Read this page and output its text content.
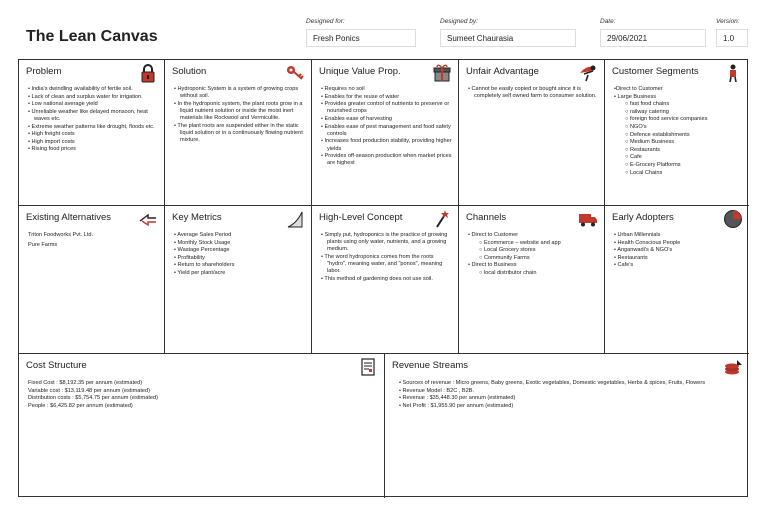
The Lean Canvas
Designed for:
Fresh Ponics
Designed by:
Sumeet Chaurasia
Date:
29/06/2021
Version:
1.0
Problem
• India's dwindling availability of fertile soil.
• Lack of clean and surplus water for irrigation.
• Low national average yield
• Unreliable weather like delayed monsoon, heat waves etc.
• Extreme weather patterns like drought, floods etc.
• High freight costs
• High import costs
• Rising food prices
Existing Alternatives
Triton Foodworks Pvt. Ltd.
Pure Farms
Solution
• Hydroponic System is a system of growing crops without soil.
• In the hydroponic system, the plant roots grow in a liquid nutrient solution or inside the moist inert materials like Rockwool and Vermiculite.
• The plant roots are suspended either in the static liquid solution or in a continuously flowing nutrient mixture.
Key Metrics
• Average Sales Period
• Monthly Stock Usage
• Wastage Percentage
• Profitability
• Return to shareholders
• Yield per plant/acre
Unique Value Prop.
• Requires no soil
• Enables for the reuse of water
• Provides greater control of nutrients to preserve or nourished crops
• Enables ease of harvesting
• Enables ease of pest management and food safety controls
• Increases food production stability, providing higher yields
• Provides off-season production when market prices are highest
High-Level Concept
• Simply put, hydroponics is the practice of growing plants using only water, nutrients, and a growing medium.
• The word hydroponics comes from the roots "hydro", meaning water, and "ponos", meaning labor.
• This method of gardening does not use soil.
Unfair Advantage
• Cannot be easily copied or bought since it is completely self owned farm to consumer solution.
Channels
• Direct to Customer
○ Ecommerce – website and app
○ Local Grocery stores
○ Community Farms
• Direct to Business
○ local distributor chain
Customer Segments
•Direct to Customer
• Large Business
○ fast food chains
○ railway catering
○ foreign food service companies
○ NGO's
○ Defence establishments
○ Medium Business
○ Restaurants
○ Cafe
○ E-Grocery Platforms
○ Local Chains
Early Adopters
• Urban Millennials
• Health Conscious People
• Anganwadi's & NGO's
• Restaurants
• Cafe's
Cost Structure
Fixed Cost : $8,192.35 per annum (estimated)
Variable cost : $13,119.48 per annum (estimated)
Distribution costs : $5,754.75 per annum (estimated)
People : $6,425.82 per annum (estimated)
Revenue Streams
• Sources of revenue : Micro greens, Baby greens, Exotic vegetables, Domestic vegetables, Herbs & spices, Fruits, Flowers
• Revenue Model : B2C , B2B.
• Revenue : $35,448.30 per annum (estimated)
• Net Profit : $1,955.90 per annum (estimated)
